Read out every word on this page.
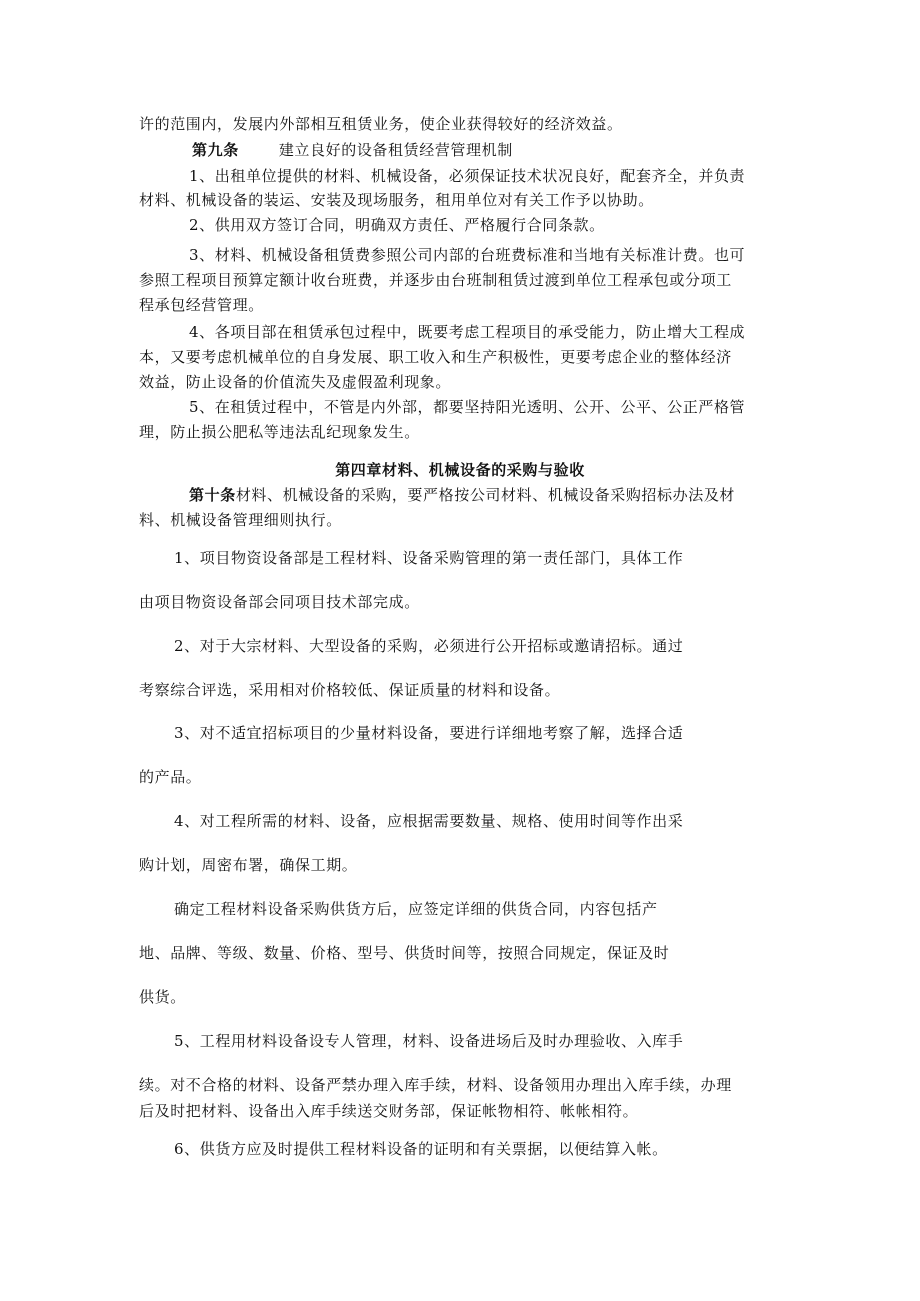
许的范围内，发展内外部相互租赁业务，使企业获得较好的经济效益。
第九条	建立良好的设备租赁经营管理机制
1、出租单位提供的材料、机械设备，必须保证技术状况良好，配套齐全，并负责
材料、机械设备的装运、安装及现场服务，租用单位对有关工作予以协助。
2、供用双方签订合同，明确双方责任、严格履行合同条款。
3、材料、机械设备租赁费参照公司内部的台班费标准和当地有关标准计费。也可
参照工程项目预算定额计收台班费，并逐步由台班制租赁过渡到单位工程承包或分项工
程承包经营管理。
4、各项目部在租赁承包过程中，既要考虑工程项目的承受能力，防止增大工程成
本，又要考虑机械单位的自身发展、职工收入和生产积极性，更要考虑企业的整体经济
效益，防止设备的价值流失及虚假盈利现象。
5、在租赁过程中，不管是内外部，都要坚持阳光透明、公开、公平、公正严格管
理，防止损公肥私等违法乱纪现象发生。
第四章材料、机械设备的采购与验收
第十条材料、机械设备的采购，要严格按公司材料、机械设备采购招标办法及材
料、机械设备管理细则执行。
1、项目物资设备部是工程材料、设备采购管理的第一责任部门，具体工作
由项目物资设备部会同项目技术部完成。
2、对于大宗材料、大型设备的采购，必须进行公开招标或邀请招标。通过
考察综合评选，采用相对价格较低、保证质量的材料和设备。
3、对不适宜招标项目的少量材料设备，要进行详细地考察了解，选择合适
的产品。
4、对工程所需的材料、设备，应根据需要数量、规格、使用时间等作出采
购计划，周密布署，确保工期。
确定工程材料设备采购供货方后，应签定详细的供货合同，内容包括产
地、品牌、等级、数量、价格、型号、供货时间等，按照合同规定，保证及时
供货。
5、工程用材料设备设专人管理，材料、设备进场后及时办理验收、入库手
续。对不合格的材料、设备严禁办理入库手续，材料、设备领用办理出入库手续，办理
后及时把材料、设备出入库手续送交财务部，保证帐物相符、帐帐相符。
6、供货方应及时提供工程材料设备的证明和有关票据，以便结算入帐。
